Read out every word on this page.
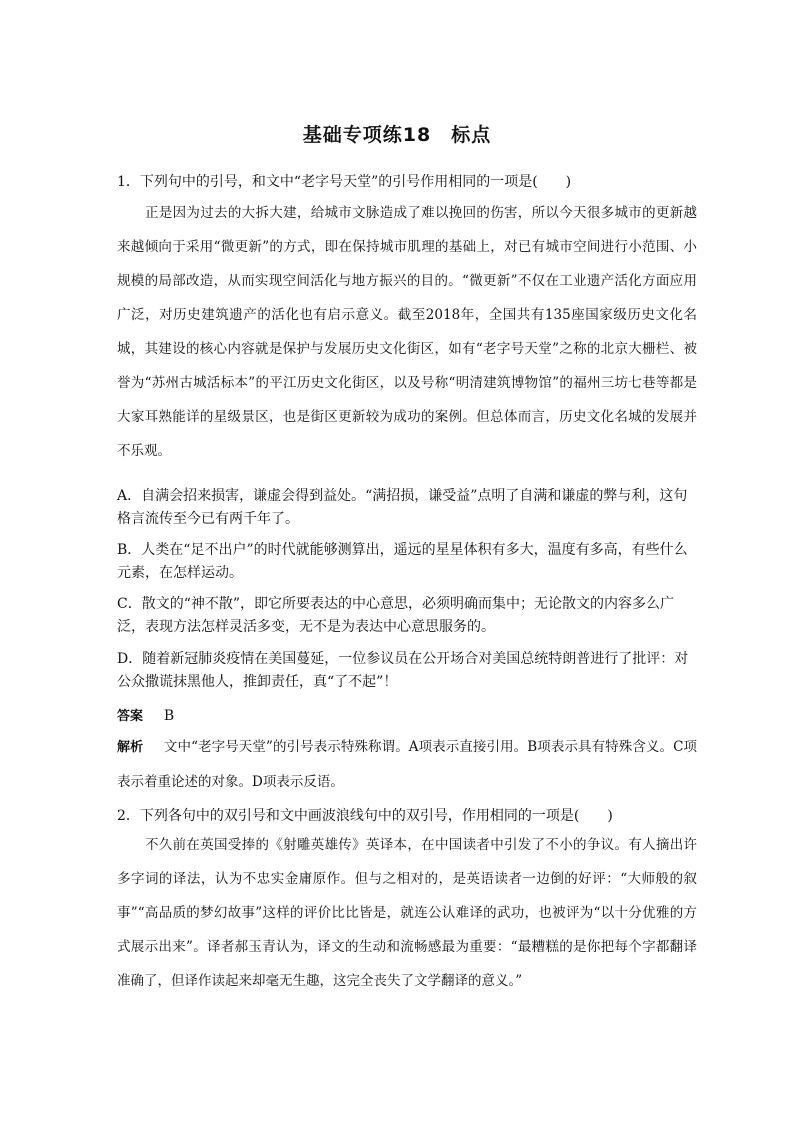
基础专项练18　标点
1．下列句中的引号，和文中“老字号天堂”的引号作用相同的一项是(　　)
正是因为过去的大拆大建，给城市文脉造成了难以挽回的伤害，所以今天很多城市的更新越来越倾向于采用“微更新”的方式，即在保持城市肌理的基础上，对已有城市空间进行小范围、小规模的局部改造，从而实现空间活化与地方振兴的目的。“微更新”不仅在工业遗产活化方面应用广泛，对历史建筑遗产的活化也有启示意义。截至2018年，全国共有135座国家级历史文化名城，其建设的核心内容就是保护与发展历史文化街区，如有“老字号天堂”之称的北京大栅栏、被誉为“苏州古城活标本”的平江历史文化街区，以及号称“明清建筑博物馆”的福州三坊七巷等都是大家耳熟能详的星级景区，也是街区更新较为成功的案例。但总体而言，历史文化名城的发展并不乐观。
A．自满会招来损害，谦虚会得到益处。“满招损，谦受益”点明了自满和谦虚的弊与利，这句格言流传至今已有两千年了。
B．人类在“足不出户”的时代就能够测算出，遥远的星星体积有多大，温度有多高，有些什么元素，在怎样运动。
C．散文的“神不散”，即它所要表达的中心意思，必须明确而集中；无论散文的内容多么广泛，表现方法怎样灵活多变，无不是为表达中心意思服务的。
D．随着新冠肺炎疫情在美国蔓延，一位参议员在公开场合对美国总统特朗普进行了批评：对公众撒谎抹黑他人，推卸责任，真“了不起”！
答案 B
解析 文中“老字号天堂”的引号表示特殊称谓。A项表示直接引用。B项表示具有特殊含义。C项表示着重论述的对象。D项表示反语。
2．下列各句中的双引号和文中画波浪线句中的双引号，作用相同的一项是(　　)
不久前在英国受捧的《射雕英雄传》英译本，在中国读者中引发了不小的争议。有人摘出许多字词的译法，认为不忠实金庸原作。但与之相对的，是英语读者一边倒的好评：“大师般的叙事”“高品质的梦幻故事”这样的评价比比皆是，就连公认难译的武功，也被评为“以十分优雅的方式展示出来”。译者郝玉青认为，译文的生动和流畅感最为重要：“最糟糕的是你把每个字都翻译准确了，但译作读起来却毫无生趣，这完全丧失了文学翻译的意义。”
